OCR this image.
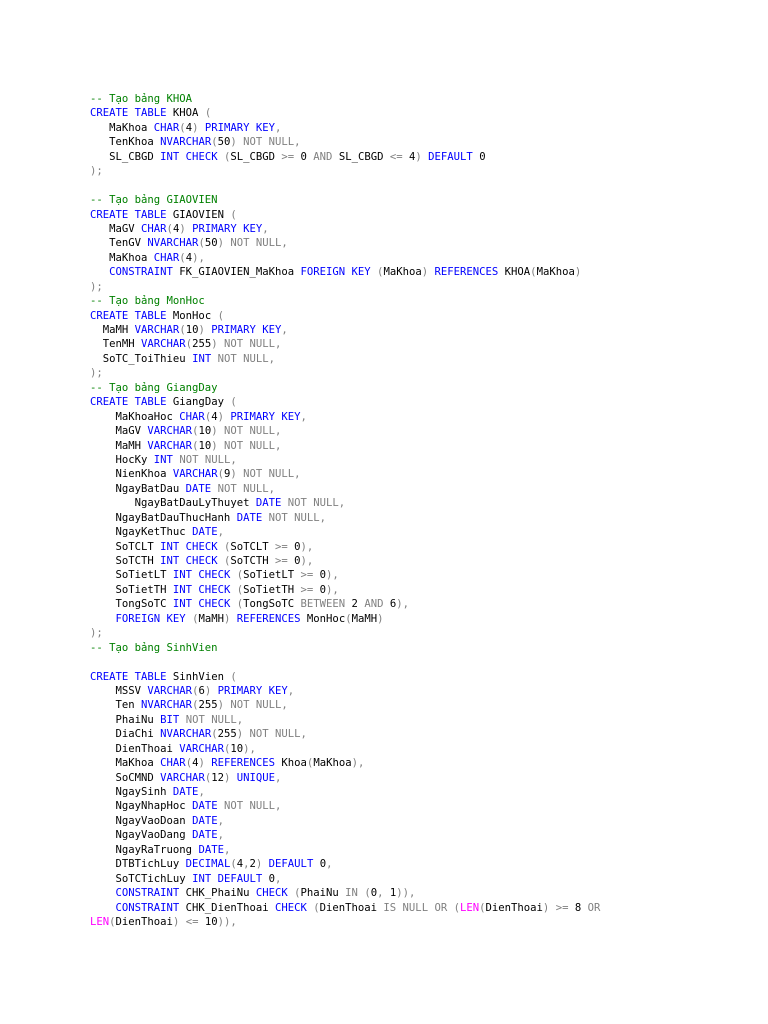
-- Tạo bảng KHOA
CREATE TABLE KHOA (
MaKhoa CHAR(4) PRIMARY KEY,
TenKhoa NVARCHAR(50) NOT NULL,
SL_CBGD INT CHECK (SL_CBGD >= 0 AND SL_CBGD <= 4) DEFAULT 0
);

-- Tạo bảng GIAOVIEN
CREATE TABLE GIAOVIEN (
MaGV CHAR(4) PRIMARY KEY,
TenGV NVARCHAR(50) NOT NULL,
MaKhoa CHAR(4),
CONSTRAINT FK_GIAOVIEN_MaKhoa FOREIGN KEY (MaKhoa) REFERENCES KHOA(MaKhoa)
);
-- Tạo bảng MonHoc
CREATE TABLE MonHoc (
MaMH VARCHAR(10) PRIMARY KEY,
TenMH VARCHAR(255) NOT NULL,
SoTC_ToiThieu INT NOT NULL,
);
-- Tạo bảng GiangDay
CREATE TABLE GiangDay (
MaKhoaHoc CHAR(4) PRIMARY KEY,
MaGV VARCHAR(10) NOT NULL,
MaMH VARCHAR(10) NOT NULL,
HocKy INT NOT NULL,
NienKhoa VARCHAR(9) NOT NULL,
NgayBatDau DATE NOT NULL,
NgayBatDauLyThuyet DATE NOT NULL,
NgayBatDauThucHanh DATE NOT NULL,
NgayKetThuc DATE,
SoTCLT INT CHECK (SoTCLT >= 0),
SoTCTH INT CHECK (SoTCTH >= 0),
SoTietLT INT CHECK (SoTietLT >= 0),
SoTietTH INT CHECK (SoTietTH >= 0),
TongSoTC INT CHECK (TongSoTC BETWEEN 2 AND 6),
FOREIGN KEY (MaMH) REFERENCES MonHoc(MaMH)
);
-- Tạo bảng SinhVien

CREATE TABLE SinhVien (
MSSV VARCHAR(6) PRIMARY KEY,
Ten NVARCHAR(255) NOT NULL,
PhaiNu BIT NOT NULL,
DiaChi NVARCHAR(255) NOT NULL,
DienThoai VARCHAR(10),
MaKhoa CHAR(4) REFERENCES Khoa(MaKhoa),
SoCMND VARCHAR(12) UNIQUE,
NgaySinh DATE,
NgayNhapHoc DATE NOT NULL,
NgayVaoDoan DATE,
NgayVaoDang DATE,
NgayRaTruong DATE,
DTBTichLuy DECIMAL(4,2) DEFAULT 0,
SoTCTichLuy INT DEFAULT 0,
CONSTRAINT CHK_PhaiNu CHECK (PhaiNu IN (0, 1)),
CONSTRAINT CHK_DienThoai CHECK (DienThoai IS NULL OR (LEN(DienThoai) >= 8 OR
LEN(DienThoai) <= 10)),
